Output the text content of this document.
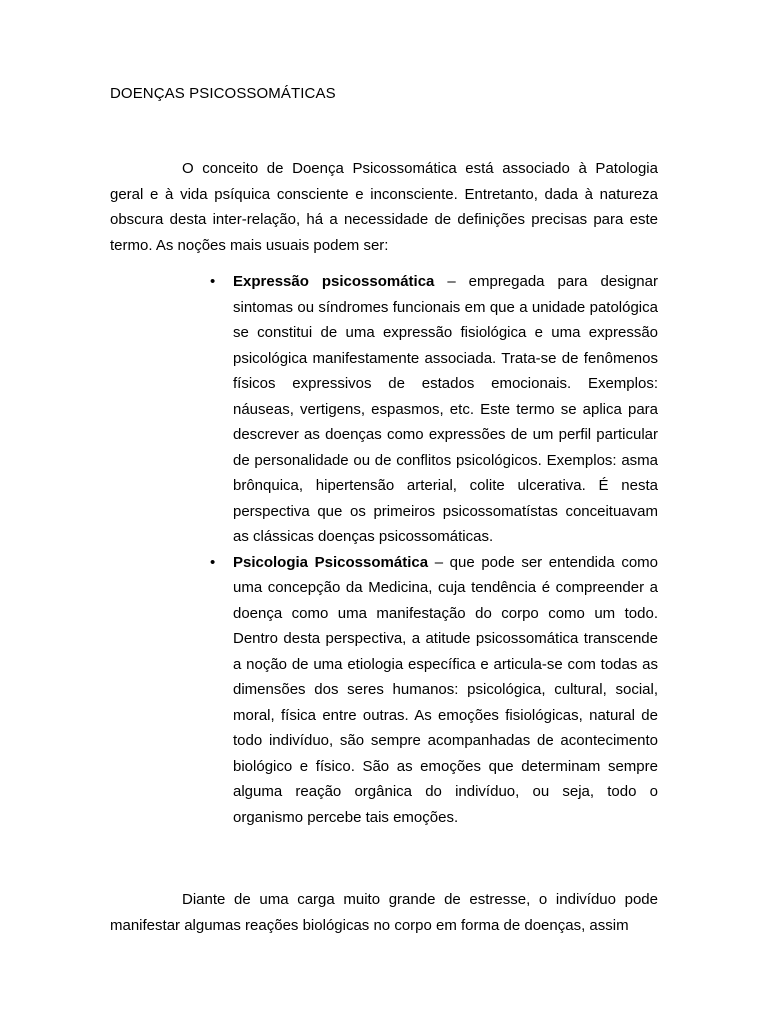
DOENÇAS PSICOSSOMÁTICAS

O conceito de Doença Psicossomática está associado à Patologia geral e à vida psíquica consciente e inconsciente. Entretanto, dada à natureza obscura desta inter-relação, há a necessidade de definições precisas para este termo. As noções mais usuais podem ser:

•	Expressão psicossomática – empregada para designar sintomas ou síndromes funcionais em que a unidade patológica se constitui de uma expressão fisiológica e uma expressão psicológica manifestamente associada. Trata-se de fenômenos físicos expressivos de estados emocionais. Exemplos: náuseas, vertigens, espasmos, etc. Este termo se aplica para descrever as doenças como expressões de um perfil particular de personalidade ou de conflitos psicológicos. Exemplos: asma brônquica, hipertensão arterial, colite ulcerativa. É nesta perspectiva que os primeiros psicossomatístas conceituavam as clássicas doenças psicossomáticas.
•	Psicologia Psicossomática – que pode ser entendida como uma concepção da Medicina, cuja tendência é compreender a doença como uma manifestação do corpo como um todo. Dentro desta perspectiva, a atitude psicossomática transcende a noção de uma etiologia específica e articula-se com todas as dimensões dos seres humanos: psicológica, cultural, social, moral, física entre outras. As emoções fisiológicas, natural de todo indivíduo, são sempre acompanhadas de acontecimento biológico e físico. São as emoções que determinam sempre alguma reação orgânica do indivíduo, ou seja, todo o organismo percebe tais emoções.

Diante de uma carga muito grande de estresse, o indivíduo pode manifestar algumas reações biológicas no corpo em forma de doenças, assim
